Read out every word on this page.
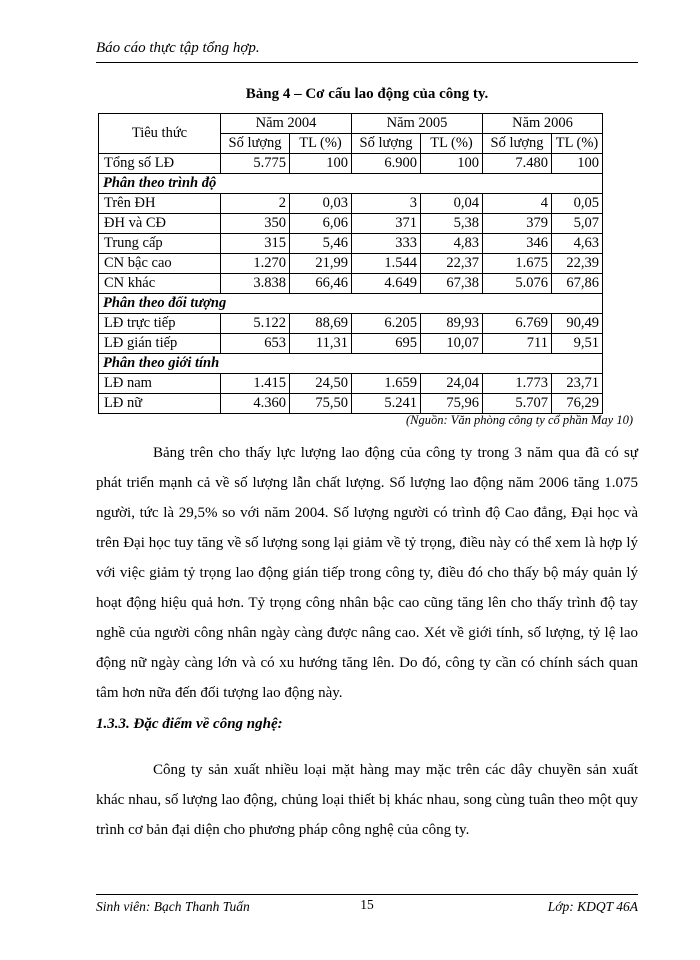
Báo cáo thực tập tổng hợp.
Bảng 4 – Cơ cấu lao động của công ty.
Tiêu thức	Năm 2004		Năm 2005		Năm 2006	
	Số lượng	TL (%)	Số lượng	TL (%)	Số lượng	TL (%)
Tổng số LĐ	5.775	100	6.900	100	7.480	100
Phân theo trình độ						
Trên ĐH	2	0,03	3	0,04	4	0,05
ĐH và CĐ	350	6,06	371	5,38	379	5,07
Trung cấp	315	5,46	333	4,83	346	4,63
CN bậc cao	1.270	21,99	1.544	22,37	1.675	22,39
CN khác	3.838	66,46	4.649	67,38	5.076	67,86
Phân theo đối tượng						
LĐ trực tiếp	5.122	88,69	6.205	89,93	6.769	90,49
LĐ gián tiếp	653	11,31	695	10,07	711	9,51
Phân theo giới tính						
LĐ nam	1.415	24,50	1.659	24,04	1.773	23,71
LĐ nữ	4.360	75,50	5.241	75,96	5.707	76,29
(Nguồn: Văn phòng công ty cổ phần May 10)

Bảng trên cho thấy lực lượng lao động của công ty trong 3 năm qua đã có sự phát triển mạnh cả về số lượng lẫn chất lượng. Số lượng lao động năm 2006 tăng 1.075 người, tức là 29,5% so với năm 2004. Số lượng người có trình độ Cao đẳng, Đại học và trên Đại học tuy tăng về số lượng song lại giảm về tỷ trọng, điều này có thể xem là hợp lý với việc giảm tỷ trọng lao động gián tiếp trong công ty, điều đó cho thấy bộ máy quản lý hoạt động hiệu quả hơn. Tỷ trọng công nhân bậc cao cũng tăng lên cho thấy trình độ tay nghề của người công nhân ngày càng được nâng cao. Xét về giới tính, số lượng, tỷ lệ lao động nữ ngày càng lớn và có xu hướng tăng lên. Do đó, công ty cần có chính sách quan tâm hơn nữa đến đối tượng lao động này.

1.3.3. Đặc điểm về công nghệ:

Công ty sản xuất nhiều loại mặt hàng may mặc trên các dây chuyền sản xuất khác nhau, số lượng lao động, chủng loại thiết bị khác nhau, song cùng tuân theo một quy trình cơ bản đại diện cho phương pháp công nghệ của công ty.

Sinh viên: Bạch Thanh Tuấn	15	Lớp: KDQT 46A
